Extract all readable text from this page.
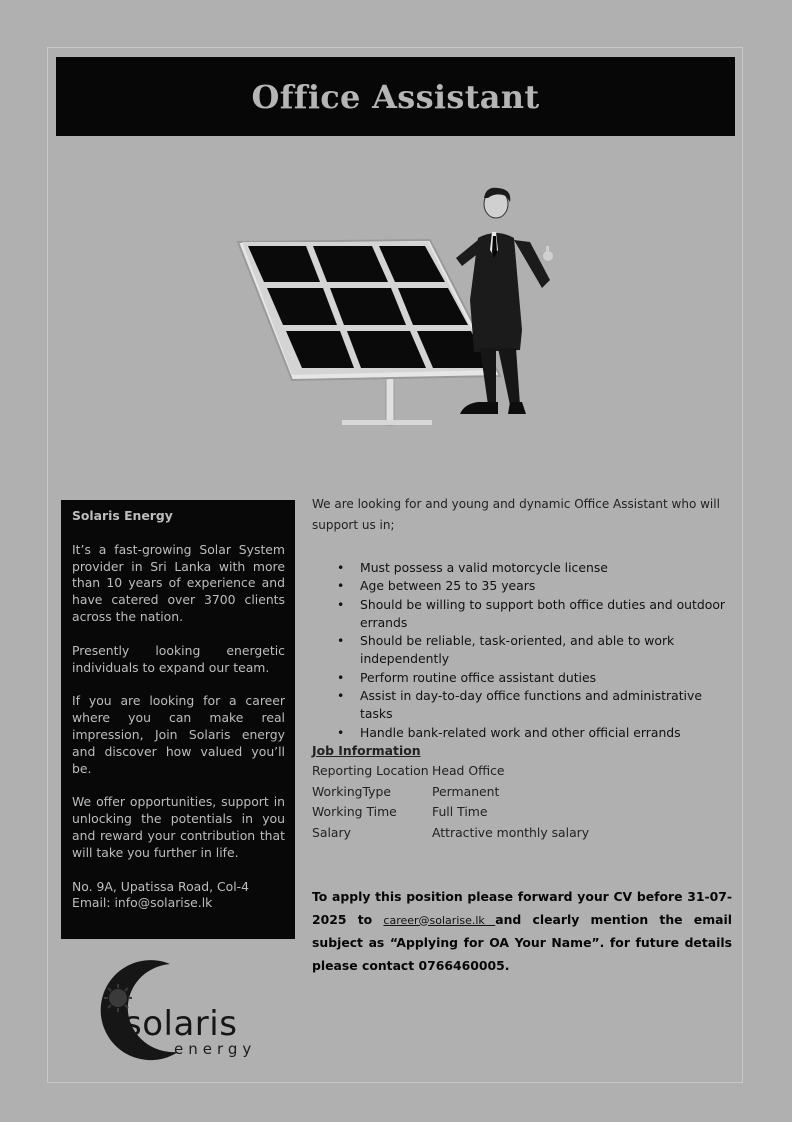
Office Assistant

Solaris Energy

It’s a fast-growing Solar System provider in Sri Lanka with more than 10 years of experience and have catered over 3700 clients across the nation.

Presently looking energetic individuals to expand our team.

If you are looking for a career where you can make real impression, Join Solaris energy and discover how valued you’ll be.

We offer opportunities, support in unlocking the potentials in you and reward your contribution that will take you further in life.

No. 9A, Upatissa Road, Col-4

Email: info@solarise.lk

We are looking for and young and dynamic Office Assistant who will support us in;

• Must possess a valid motorcycle license
• Age between 25 to 35 years
• Should be willing to support both office duties and outdoor errands
• Should be reliable, task-oriented, and able to work independently
• Perform routine office assistant duties
• Assist in day-to-day office functions and administrative tasks
• Handle bank-related work and other official errands
Job Information
Reporting Location Head Office
WorkingType	Permanent
Working Time	Full Time
Salary	Attractive monthly salary

To apply this position please forward your CV before 31-07-2025 to career@solarise.lk and clearly mention the email subject as “Applying for OA Your Name”. for future details please contact 0766460005.

solaris
energy
